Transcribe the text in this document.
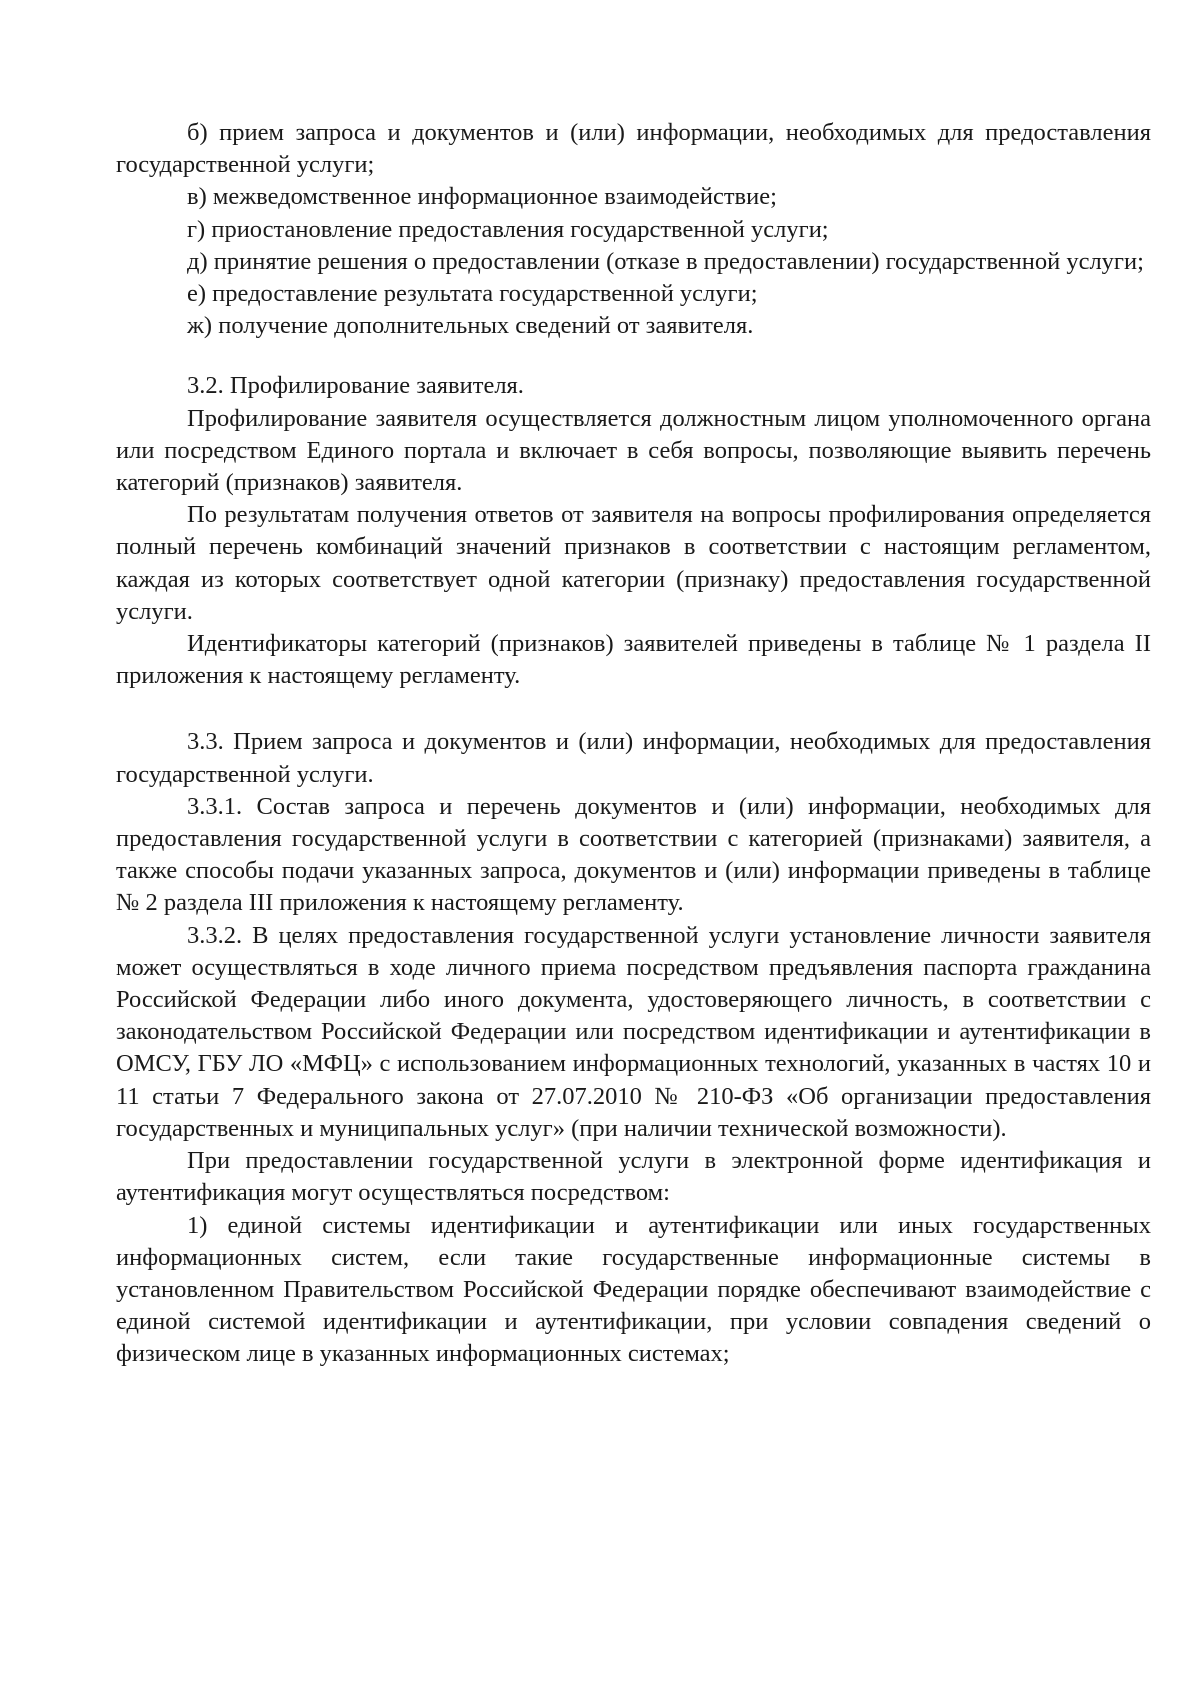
б) прием запроса и документов и (или) информации, необходимых для предоставления государственной услуги;

в) межведомственное информационное взаимодействие;

г) приостановление предоставления государственной услуги;

д) принятие решения о предоставлении (отказе в предоставлении) государственной услуги;

е) предоставление результата государственной услуги;

ж) получение дополнительных сведений от заявителя.

3.2. Профилирование заявителя.

Профилирование заявителя осуществляется должностным лицом уполномоченного органа или посредством Единого портала и включает в себя вопросы, позволяющие выявить перечень категорий (признаков) заявителя.

По результатам получения ответов от заявителя на вопросы профилирования определяется полный перечень комбинаций значений признаков в соответствии с настоящим регламентом, каждая из которых соответствует одной категории (признаку) предоставления государственной услуги.

Идентификаторы категорий (признаков) заявителей приведены в таблице № 1 раздела II приложения к настоящему регламенту.

3.3. Прием запроса и документов и (или) информации, необходимых для предоставления государственной услуги.

3.3.1. Состав запроса и перечень документов и (или) информации, необходимых для предоставления государственной услуги в соответствии с категорией (признаками) заявителя, а также способы подачи указанных запроса, документов и (или) информации приведены в таблице № 2 раздела III приложения к настоящему регламенту.

3.3.2. В целях предоставления государственной услуги установление личности заявителя может осуществляться в ходе личного приема посредством предъявления паспорта гражданина Российской Федерации либо иного документа, удостоверяющего личность, в соответствии с законодательством Российской Федерации или посредством идентификации и аутентификации в ОМСУ, ГБУ ЛО «МФЦ» с использованием информационных технологий, указанных в частях 10 и 11 статьи 7 Федерального закона от 27.07.2010 № 210-ФЗ «Об организации предоставления государственных и муниципальных услуг» (при наличии технической возможности).

При предоставлении государственной услуги в электронной форме идентификация и аутентификация могут осуществляться посредством:

1) единой системы идентификации и аутентификации или иных государственных информационных систем, если такие государственные информационные системы в установленном Правительством Российской Федерации порядке обеспечивают взаимодействие с единой системой идентификации и аутентификации, при условии совпадения сведений о физическом лице в указанных информационных системах;
